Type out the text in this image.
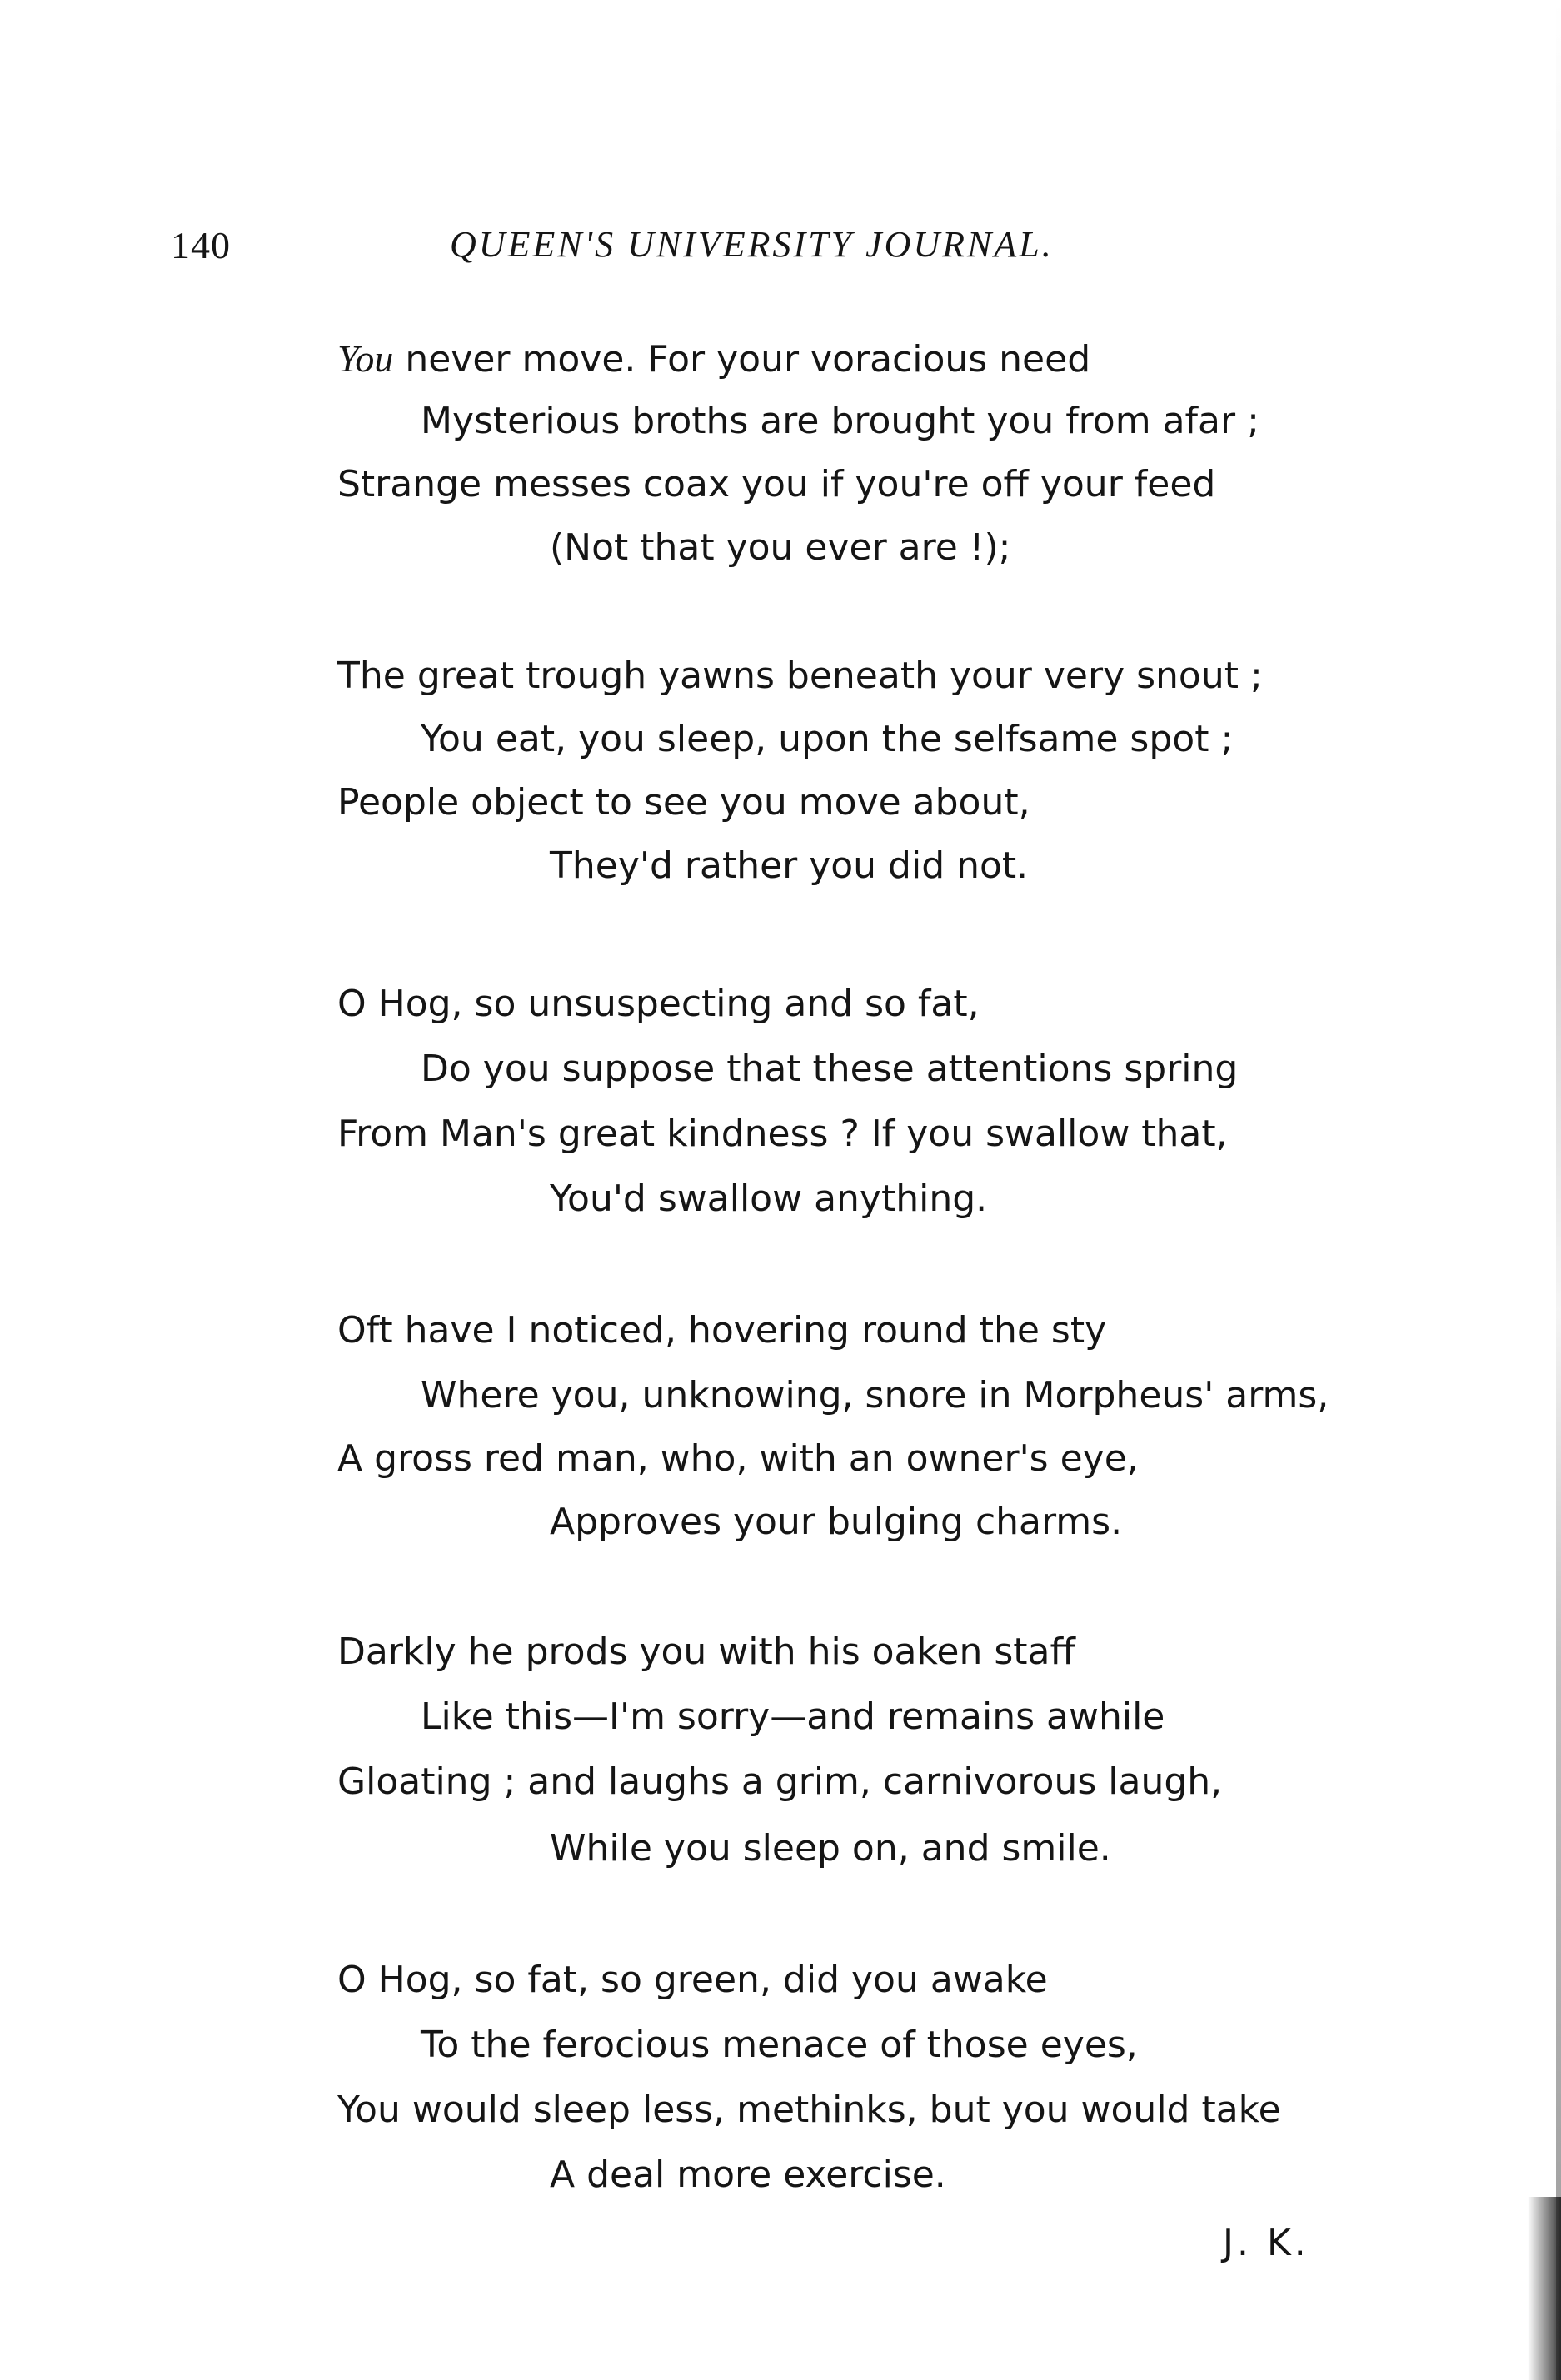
140	QUEEN'S UNIVERSITY JOURNAL.
You never move. For your voracious need
Mysterious broths are brought you from afar ;
Strange messes coax you if you're off your feed
(Not that you ever are !);
The great trough yawns beneath your very snout ;
You eat, you sleep, upon the selfsame spot ;
People object to see you move about,
They'd rather you did not.
O Hog, so unsuspecting and so fat,
Do you suppose that these attentions spring
From Man's great kindness ? If you swallow that,
You'd swallow anything.
Oft have I noticed, hovering round the sty
Where you, unknowing, snore in Morpheus' arms,
A gross red man, who, with an owner's eye,
Approves your bulging charms.
Darkly he prods you with his oaken staff
Like this—I'm sorry—and remains awhile
Gloating ; and laughs a grim, carnivorous laugh,
While you sleep on, and smile.
O Hog, so fat, so green, did you awake
To the ferocious menace of those eyes,
You would sleep less, methinks, but you would take
A deal more exercise.
J. K.
